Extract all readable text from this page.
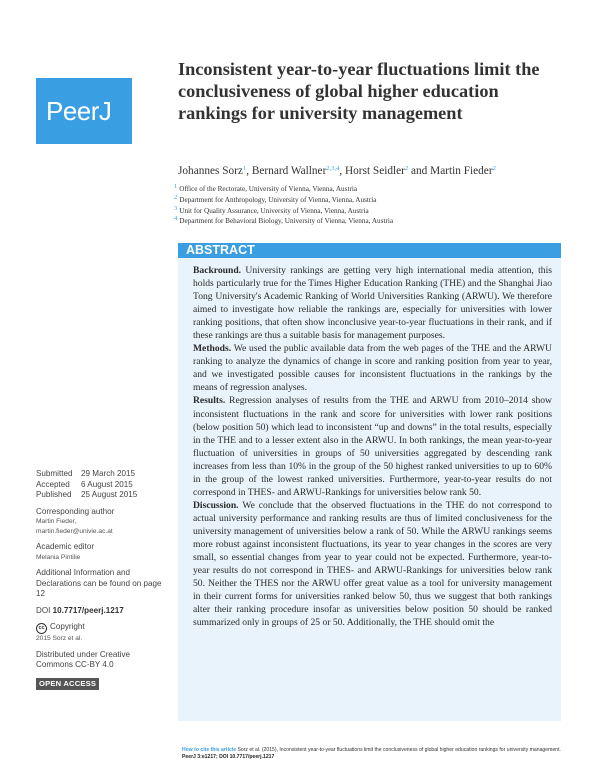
PeerJ
Inconsistent year-to-year fluctuations limit the conclusiveness of global higher education rankings for university management
Johannes Sorz$^1$, Bernard Wallner$^{2,3,4}$, Horst Seidler$^2$ and Martin Fieder$^2$
$^1$ Office of the Rectorate, University of Vienna, Vienna, Austria
$^2$ Department for Anthropology, University of Vienna, Vienna, Austria
$^3$ Unit for Quality Assurance, University of Vienna, Vienna, Austria
$^4$ Department for Behavioral Biology, University of Vienna, Vienna, Austria
ABSTRACT

Backround. University rankings are getting very high international media attention, this holds particularly true for the Times Higher Education Ranking (THE) and the Shanghai Jiao Tong University's Academic Ranking of World Universities Ranking (ARWU). We therefore aimed to investigate how reliable the rankings are, especially for universities with lower ranking positions, that often show inconclusive year-to-year fluctuations in their rank, and if these rankings are thus a suitable basis for management purposes.

Methods. We used the public available data from the web pages of the THE and the ARWU ranking to analyze the dynamics of change in score and ranking position from year to year, and we investigated possible causes for inconsistent fluctuations in the rankings by the means of regression analyses.

Results. Regression analyses of results from the THE and ARWU from 2010–2014 show inconsistent fluctuations in the rank and score for universities with lower rank positions (below position 50) which lead to inconsistent “up and downs” in the total results, especially in the THE and to a lesser extent also in the ARWU. In both rankings, the mean year-to-year fluctuation of universities in groups of 50 universities aggregated by descending rank increases from less than 10% in the group of the 50 highest ranked universities to up to 60% in the group of the lowest ranked universities. Furthermore, year-to-year results do not correspond in THES- and ARWU-Rankings for universities below rank 50.

Discussion. We conclude that the observed fluctuations in the THE do not correspond to actual university performance and ranking results are thus of limited conclusiveness for the university management of universities below a rank of 50. While the ARWU rankings seems more robust against inconsistent fluctuations, its year to year changes in the scores are very small, so essential changes from year to year could not be expected. Furthermore, year-to-year results do not correspond in THES- and ARWU-Rankings for universities below rank 50. Neither the THES nor the ARWU offer great value as a tool for university management in their current forms for universities ranked below 50, thus we suggest that both rankings alter their ranking procedure insofar as universities below position 50 should be ranked summarized only in groups of 25 or 50. Additionally, the THE should omit the

Submitted 29 March 2015
Accepted 6 August 2015
Published 25 August 2015
Corresponding author
Martin Fieder,
martin.fieder@univie.ac.at
Academic editor
Melania Pintilie
Additional Information and Declarations can be found on page 12
DOI 10.7717/peerj.1217
cc Copyright
2015 Sorz et al.
Distributed under Creative Commons CC-BY 4.0
OPEN ACCESS
How to cite this article Sorz et al. (2015), Inconsistent year-to-year fluctuations limit the conclusiveness of global higher education rankings for university management. PeerJ 3:e1217; DOI 10.7717/peerj.1217
